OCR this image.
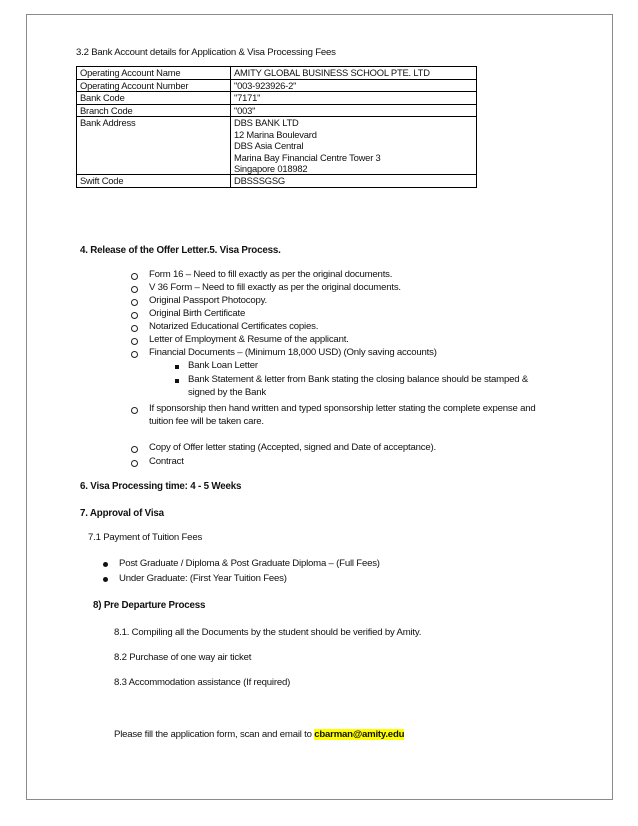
3.2 Bank Account details for Application & Visa Processing Fees
Operating Account Name	AMITY GLOBAL BUSINESS SCHOOL PTE. LTD
Operating Account Number	"003-923926-2"
Bank Code	"7171"
Branch Code	"003"
Bank Address	DBS BANK LTD
12 Marina Boulevard
DBS Asia Central
Marina Bay Financial Centre Tower 3
Singapore 018982

Swift Code	DBSSSGSG
4. Release of the Offer Letter.5. Visa Process.
Form 16 – Need to fill exactly as per the original documents.
V 36 Form – Need to fill exactly as per the original documents.
Original Passport Photocopy.
Original Birth Certificate
Notarized Educational Certificates copies.
Letter of Employment & Resume of the applicant.
Financial Documents – (Minimum 18,000 USD) (Only saving accounts)
Bank Loan Letter
Bank Statement & letter from Bank stating the closing balance should be stamped &
signed by the Bank
If sponsorship then hand written and typed sponsorship letter stating the complete expense and
tuition fee will be taken care.
Copy of Offer letter stating (Accepted, signed and Date of acceptance).
Contract
6. Visa Processing time: 4 - 5 Weeks
7. Approval of Visa
7.1 Payment of Tuition Fees
Post Graduate / Diploma & Post Graduate Diploma – (Full Fees)
Under Graduate: (First Year Tuition Fees)
8) Pre Departure Process
8.1. Compiling all the Documents by the student should be verified by Amity.
8.2 Purchase of one way air ticket
8.3 Accommodation assistance (If required)
Please fill the application form, scan and email to cbarman@amity.edu
